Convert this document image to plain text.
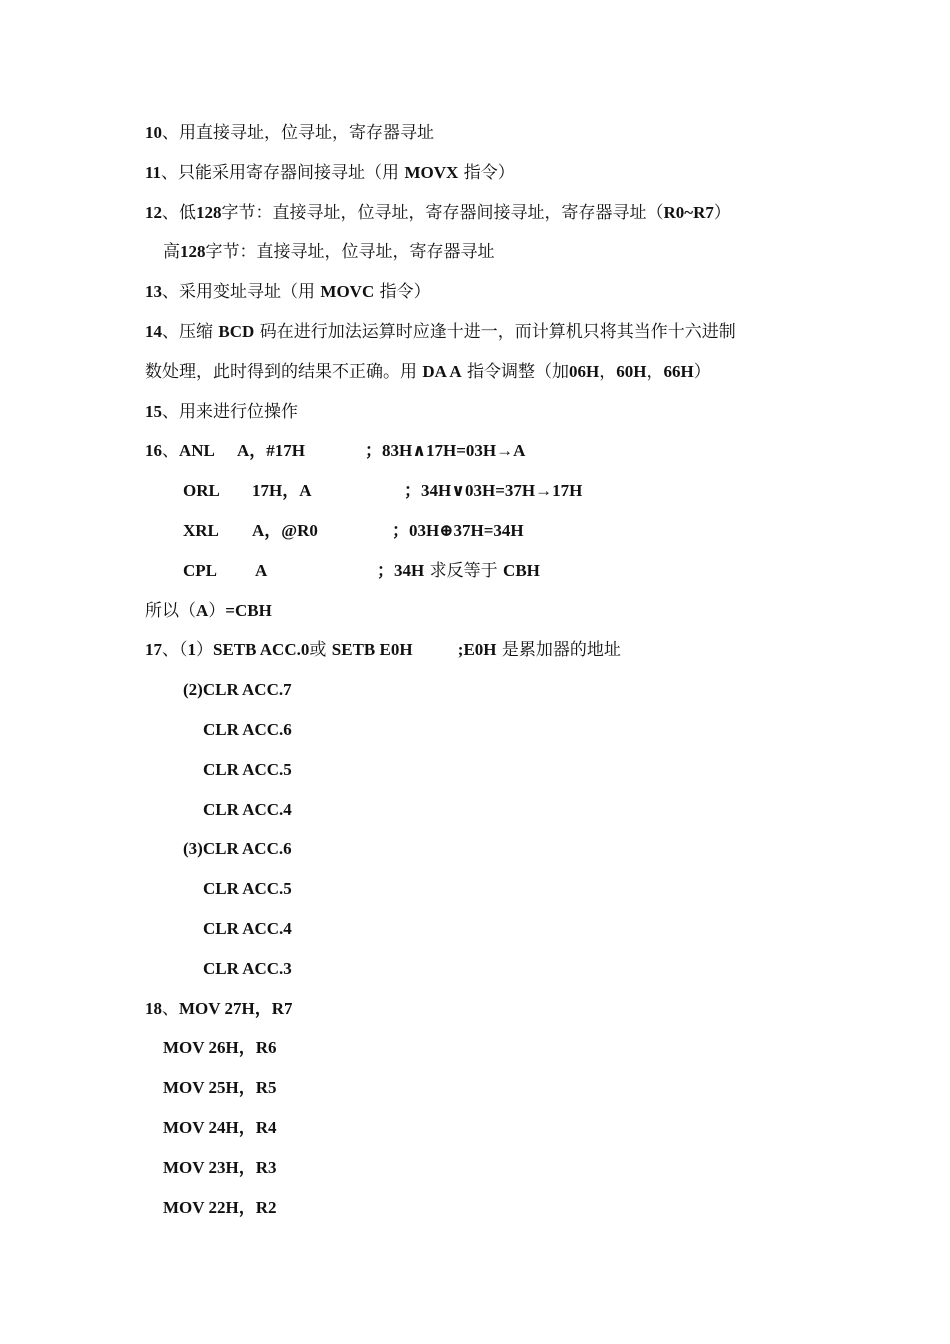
10、用直接寻址，位寻址，寄存器寻址
11、只能采用寄存器间接寻址（用 MOVX 指令）
12、低128字节：直接寻址，位寻址，寄存器间接寻址，寄存器寻址（R0~R7）
高128字节：直接寻址，位寻址，寄存器寻址
13、采用变址寻址（用 MOVC 指令）
14、压缩 BCD 码在进行加法运算时应逢十进一，而计算机只将其当作十六进制
数处理，此时得到的结果不正确。用 DA A 指令调整（加06H，60H，66H）
15、用来进行位操作
16、ANL A，#17H	；83H∧17H=03H→A
ORL 17H，A	；34H∨03H=37H→17H
XRL A，@R0	；03H⊕37H=34H
CPL A	；34H 求反等于 CBH
所以（A）=CBH
17、（1）SETB ACC.0或 SETB E0H	;E0H 是累加器的地址
(2)CLR ACC.7
CLR ACC.6
CLR ACC.5
CLR ACC.4
(3)CLR ACC.6
CLR ACC.5
CLR ACC.4
CLR ACC.3
18、MOV 27H，R7
MOV 26H，R6
MOV 25H，R5
MOV 24H，R4
MOV 23H，R3
MOV 22H，R2
